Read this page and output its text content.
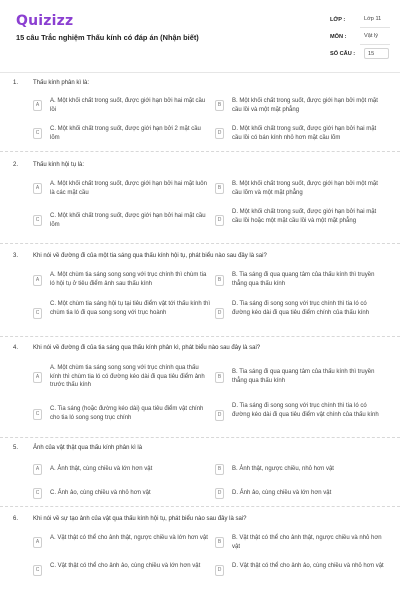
Quizizz
15 câu Trắc nghiệm Thấu kính có đáp án (Nhận biết)
LỚP :	Lớp 11
MÔN :	Vật lý
SỐ CÂU :	15
1. Thấu kính phân kì là:
A
A. Một khối chất trong suốt, được giới hạn bởi hai mặt cầu lồi
B
B. Một khối chất trong suốt, được giới hạn bởi một mặt cầu lồi và một mặt phẳng
C
C. Một khối chất trong suốt, được giới hạn bởi 2 mặt cầu lõm
D
D. Một khối chất trong suốt, được giới hạn bởi hai mặt cầu lồi có bán kính nhỏ hơn mặt cầu lõm
2. Thấu kính hội tụ là:
A
A. Một khối chất trong suốt, được giới hạn bởi hai mặt luôn là các mặt cầu
B
B. Một khối chất trong suốt, được giới hạn bởi một mặt cầu lõm và một mặt phẳng
C
C. Một khối chất trong suốt, được giới hạn bởi hai mặt cầu lõm
D
D. Một khối chất trong suốt, được giới hạn bởi hai mặt cầu lồi hoặc một mặt cầu lồi và một mặt phẳng
3. Khi nói về đường đi của một tia sáng qua thấu kính hội tụ, phát biểu nào sau đây là sai?
A
A. Một chùm tia sáng song song với trục chính thì chùm tia ló hội tụ ở tiêu điểm ảnh sau thấu kính
B
B. Tia sáng đi qua quang tâm của thấu kính thì truyền thẳng qua thấu kính
C
C. Một chùm tia sáng hội tụ tại tiêu điểm vật tới thấu kính thì chùm tia ló đi qua song song với trục hoành	D
D. Tia sáng đi song song với trục chính thì tia ló có đường kéo dài đi qua tiêu điểm chính của thấu kính
4. Khi nói về đường đi của tia sáng qua thấu kính phân kì, phát biểu nào sau đây là sai?
A
A. Một chùm tia sáng song song với trục chính qua thấu kính thì chùm tia ló có đường kéo dài đi qua tiêu điểm ảnh trước thấu kính
B
B. Tia sáng đi qua quang tâm của thấu kính thì truyền thẳng qua thấu kính
C
C. Tia sáng (hoặc đường kéo dài) qua tiêu điểm vật chính cho tia ló song song trục chính	D
D. Tia sáng đi song song với trục chính thì tia ló có đường kéo dài đi qua tiêu điểm vật chính của thấu kính
5. Ảnh của vật thật qua thấu kính phân kì là
A	A. Ảnh thật, cùng chiều và lớn hơn vật	B	B. Ảnh thật, ngược chiều, nhỏ hơn vật
C	C. Ảnh ảo, cùng chiều và nhỏ hơn vật	D	D. Ảnh ảo, cùng chiều và lớn hơn vật
6. Khi nói về sự tạo ảnh của vật qua thấu kính hội tụ, phát biểu nào sau đây là sai?
A
A. Vật thật có thể cho ảnh thật, ngược chiều và lớn hơn vật
B
B. Vật thật có thể cho ảnh thật, ngược chiều và nhỏ hơn vật
C
C. Vật thật có thể cho ảnh ảo, cùng chiều và lớn hơn vật
D
D. Vật thật có thể cho ảnh ảo, cùng chiều và nhỏ hơn vật
